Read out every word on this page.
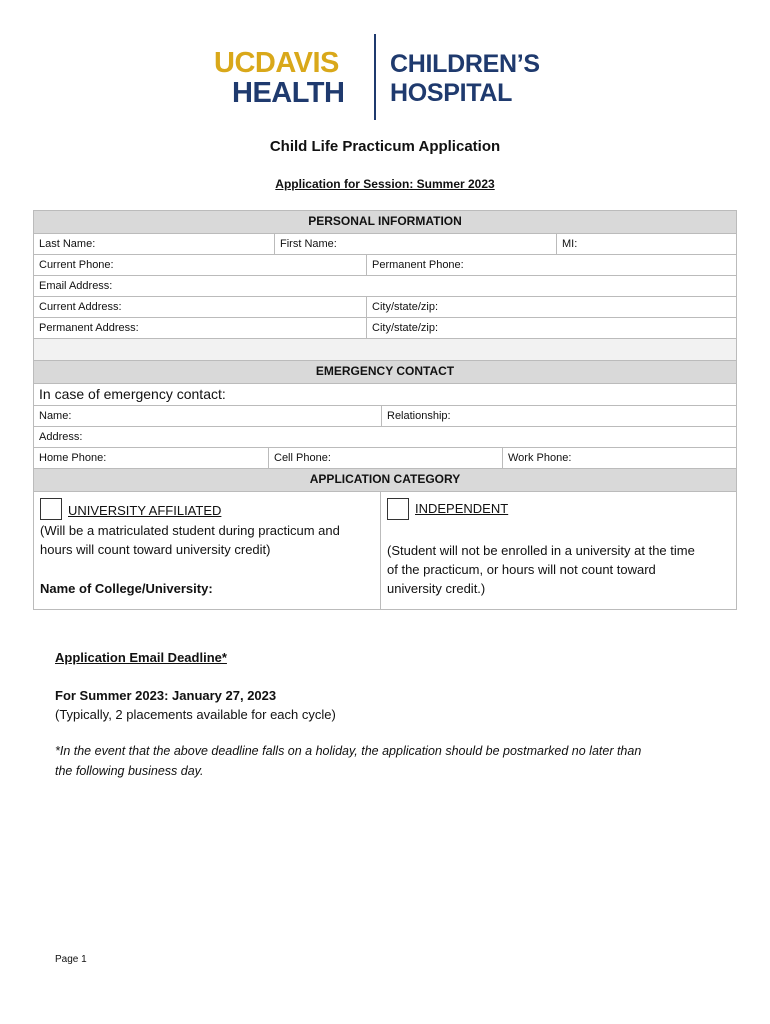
UCDAVIS
HEALTH
CHILDREN’S
HOSPITAL
Child Life Practicum Application
Application for Session: Summer 2023
PERSONAL INFORMATION
Last Name:	First Name:	MI:
Current Phone:	Permanent Phone:
Email Address:
Current Address:	City/state/zip:
Permanent Address:	City/state/zip:
EMERGENCY CONTACT
In case of emergency contact:
Name:	Relationship:
Address:
Home Phone:	Cell Phone:	Work Phone:
APPLICATION CATEGORY
UNIVERSITY AFFILIATED
(Will be a matriculated student during practicum and
hours will count toward university credit)
Name of College/University:
INDEPENDENT
(Student will not be enrolled in a university at the time
of the practicum, or hours will not count toward
university credit.)
Application Email Deadline*
For Summer 2023: January 27, 2023
(Typically, 2 placements available for each cycle)
*In the event that the above deadline falls on a holiday, the application should be postmarked no later than
the following business day.
Page 1
